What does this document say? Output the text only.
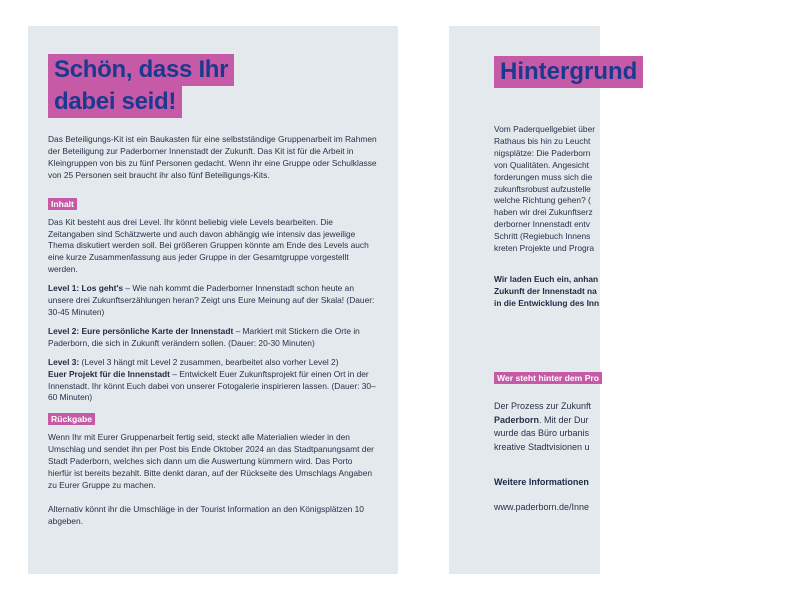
Schön, dass Ihr
dabei seid!

Das Beteiligungs-Kit ist ein Baukasten für eine selbstständige Gruppenarbeit im Rahmen der Beteiligung zur Paderborner Innenstadt der Zukunft. Das Kit ist für die Arbeit in Kleingruppen von bis zu fünf Personen gedacht. Wenn ihr eine Gruppe oder Schulklasse von 25 Personen seit braucht ihr also fünf Beteiligungs-Kits.

Inhalt

Das Kit besteht aus drei Level. Ihr könnt beliebig viele Levels bearbeiten. Die Zeitangaben sind Schätzwerte und auch davon abhängig wie intensiv das jeweilige Thema diskutiert werden soll. Bei größeren Gruppen könnte am Ende des Levels auch eine kurze Zusammenfassung aus jeder Gruppe in der Gesamtgruppe vorgestellt werden.

Level 1: Los geht's – Wie nah kommt die Paderborner Innenstadt schon heute an unsere drei Zukunftserzählungen heran? Zeigt uns Eure Meinung auf der Skala! (Dauer: 30-45 Minuten)

Level 2: Eure persönliche Karte der Innenstadt – Markiert mit Stickern die Orte in Paderborn, die sich in Zukunft verändern sollen. (Dauer: 20-30 Minuten)

Level 3: (Level 3 hängt mit Level 2 zusammen, bearbeitet also vorher Level 2)
Euer Projekt für die Innenstadt – Entwickelt Euer Zukunftsprojekt für einen Ort in der Innenstadt. Ihr könnt Euch dabei von unserer Fotogalerie inspirieren lassen. (Dauer: 30–60 Minuten)

Rückgabe

Wenn Ihr mit Eurer Gruppenarbeit fertig seid, steckt alle Materialien wieder in den Umschlag und sendet ihn per Post bis Ende Oktober 2024 an das Stadtpanungsamt der Stadt Paderborn, welches sich dann um die Auswertung kümmern wird. Das Porto hierfür ist bereits bezahlt. Bitte denkt daran, auf der Rückseite des Umschlags Angaben zu Eurer Gruppe zu machen.

Alternativ könnt ihr die Umschläge in der Tourist Information an den Königsplätzen 10 abgeben.

Hintergrund
Vom Paderquellgebiet über
Rathaus bis hin zu Leucht
nigsplätze: Die Paderborn
von Qualitäten. Angesicht
forderungen muss sich die
zukunftsrobust aufzustelle
welche Richtung gehen? (
haben wir drei Zukunftserz
derborner Innenstadt entv
Schritt (Regiebuch Innens
kreten Projekte und Progra
Wir laden Euch ein, anhan
Zukunft der Innenstadt na
in die Entwicklung des Inn
Wer steht hinter dem Pro
Der Prozess zur Zukunft
Paderborn. Mit der Dur
wurde das Büro urbanis
kreative Stadtvisionen u
Weitere Informationen
www.paderborn.de/Inne
